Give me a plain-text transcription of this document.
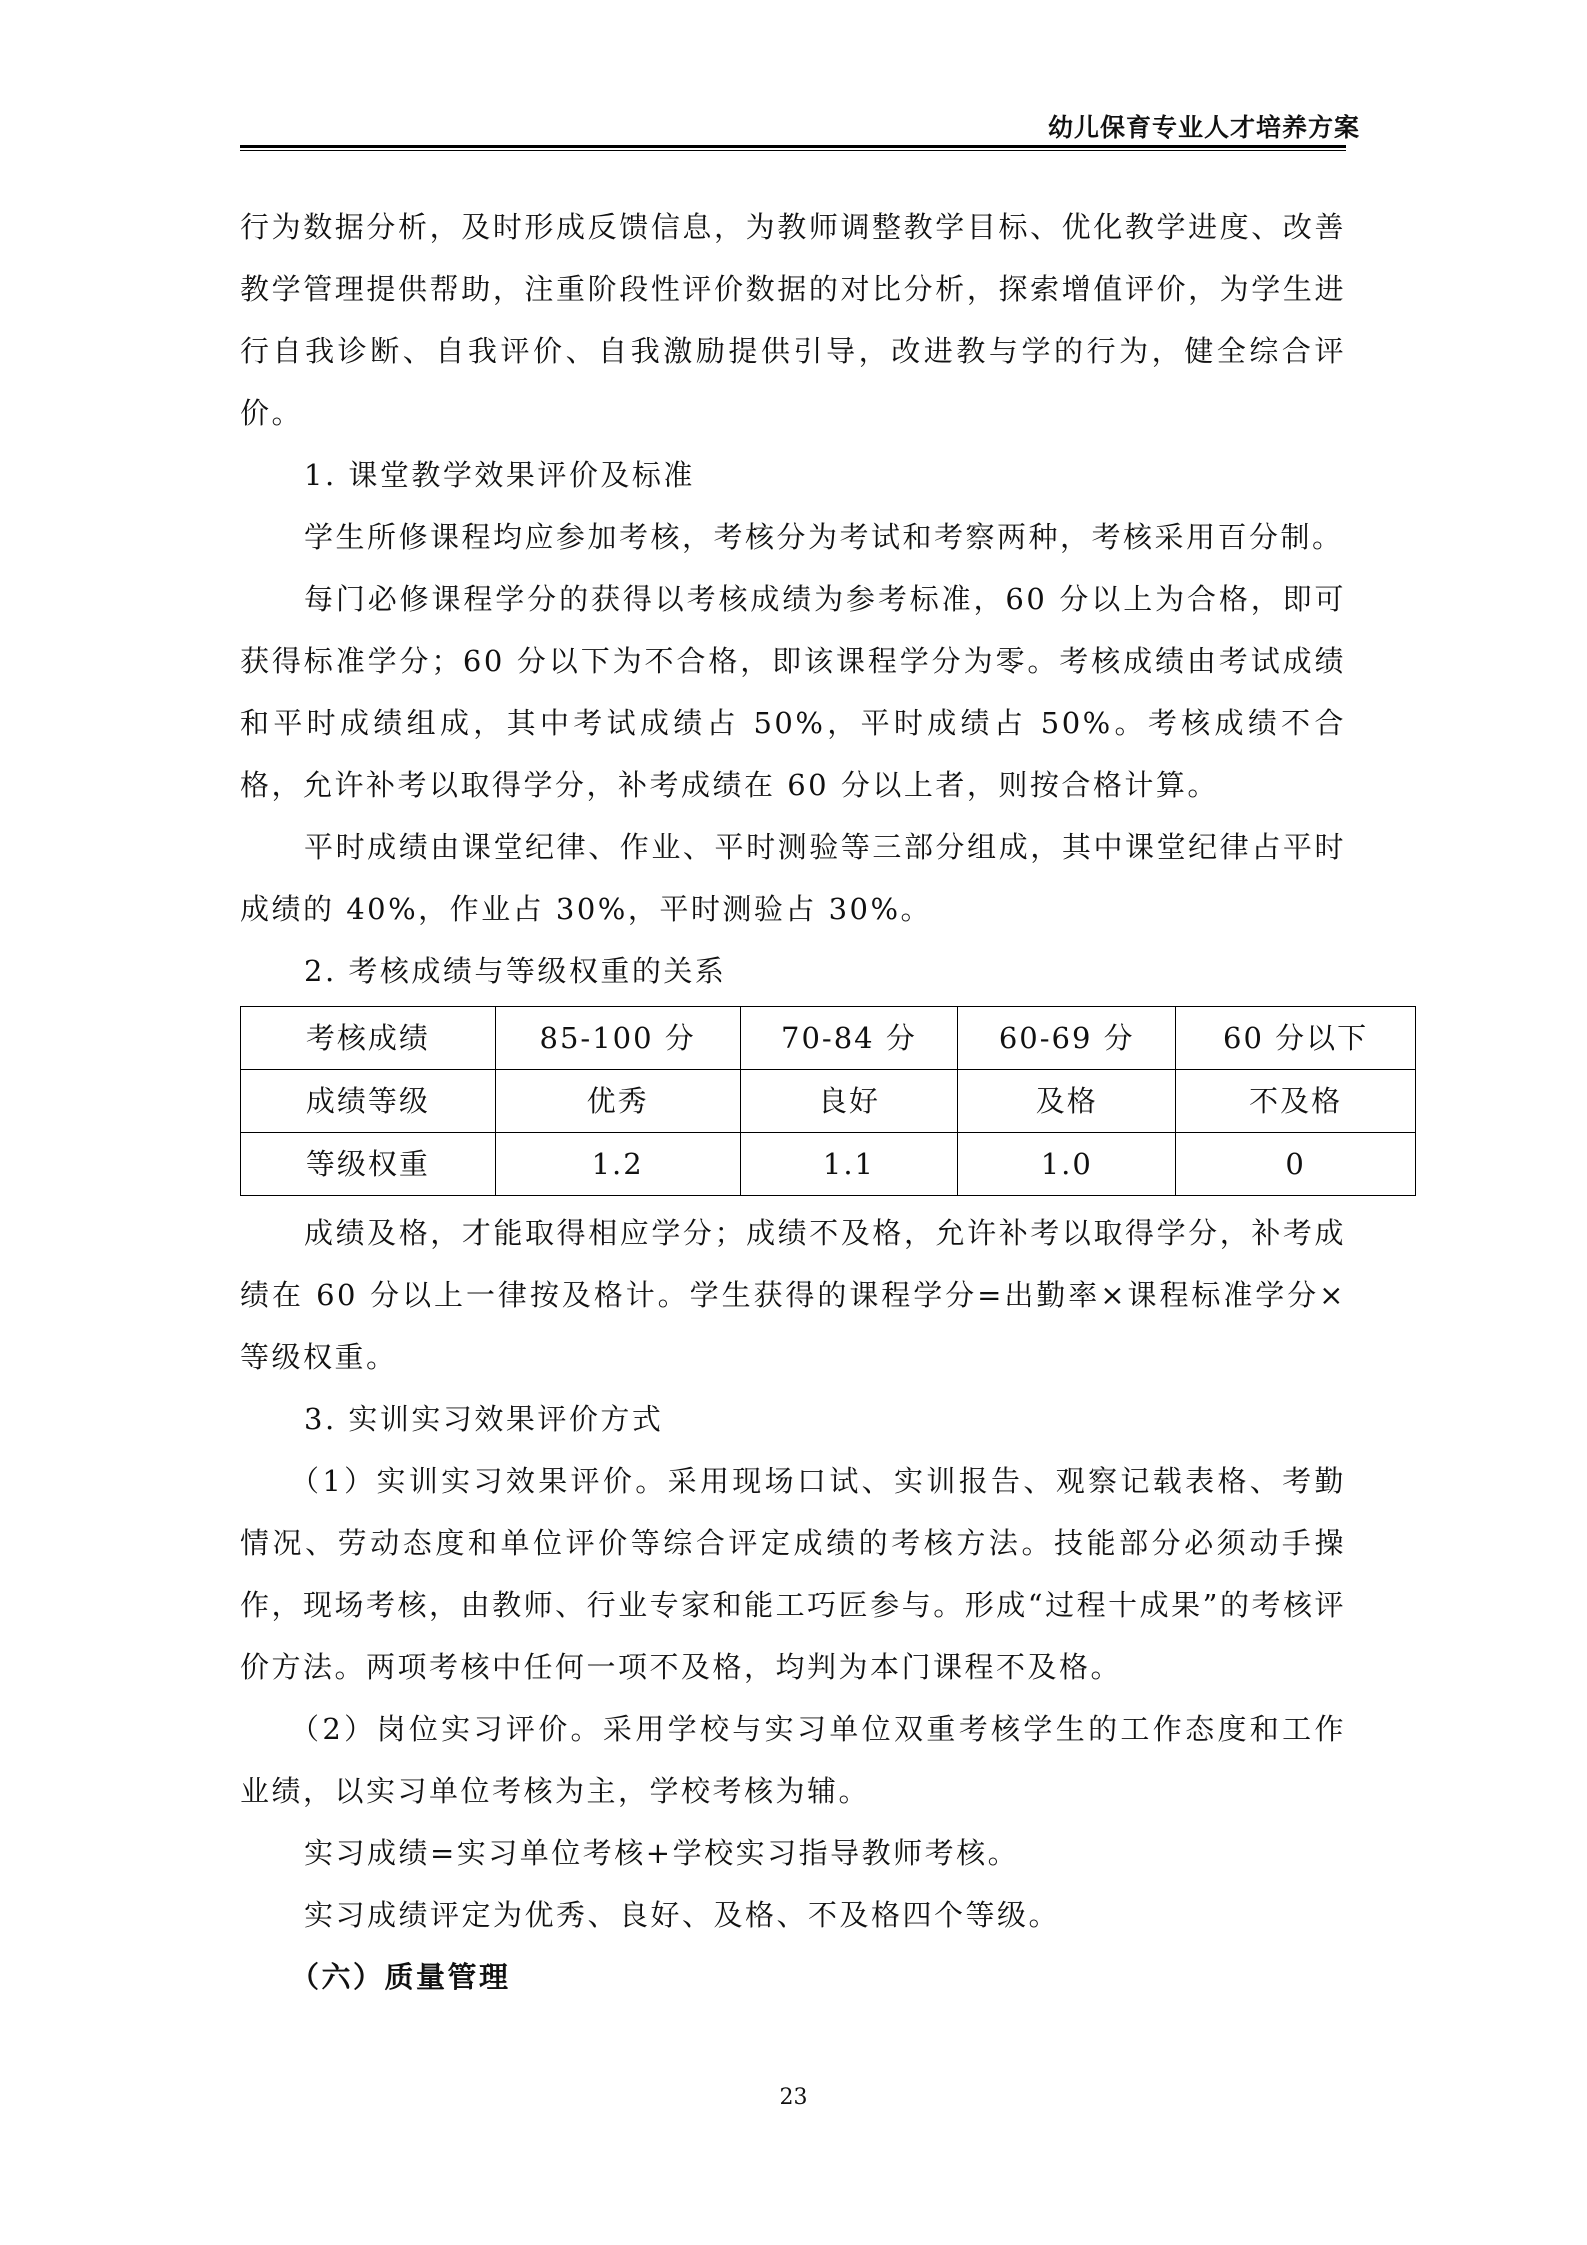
幼儿保育专业人才培养方案

行为数据分析，及时形成反馈信息，为教师调整教学目标、优化教学进度、改善教学管理提供帮助，注重阶段性评价数据的对比分析，探索增值评价，为学生进行自我诊断、自我评价、自我激励提供引导，改进教与学的行为，健全综合评价。

1. 课堂教学效果评价及标准

学生所修课程均应参加考核，考核分为考试和考察两种，考核采用百分制。

每门必修课程学分的获得以考核成绩为参考标准，60 分以上为合格，即可获得标准学分；60 分以下为不合格，即该课程学分为零。考核成绩由考试成绩和平时成绩组成，其中考试成绩占 50%，平时成绩占 50%。考核成绩不合格，允许补考以取得学分，补考成绩在 60 分以上者，则按合格计算。

平时成绩由课堂纪律、作业、平时测验等三部分组成，其中课堂纪律占平时成绩的 40%，作业占 30%，平时测验占 30%。

2. 考核成绩与等级权重的关系

考核成绩	85-100 分	70-84 分	60-69 分	60 分以下
成绩等级	优秀	良好	及格	不及格
等级权重	1.2	1.1	1.0	0

成绩及格，才能取得相应学分；成绩不及格，允许补考以取得学分，补考成绩在 60 分以上一律按及格计。学生获得的课程学分=出勤率×课程标准学分×等级权重。

3. 实训实习效果评价方式

（1）实训实习效果评价。采用现场口试、实训报告、观察记载表格、考勤情况、劳动态度和单位评价等综合评定成绩的考核方法。技能部分必须动手操作，现场考核，由教师、行业专家和能工巧匠参与。形成“过程十成果”的考核评价方法。两项考核中任何一项不及格，均判为本门课程不及格。

（2）岗位实习评价。采用学校与实习单位双重考核学生的工作态度和工作业绩，以实习单位考核为主，学校考核为辅。

实习成绩=实习单位考核+学校实习指导教师考核。

实习成绩评定为优秀、良好、及格、不及格四个等级。

（六）质量管理

23
